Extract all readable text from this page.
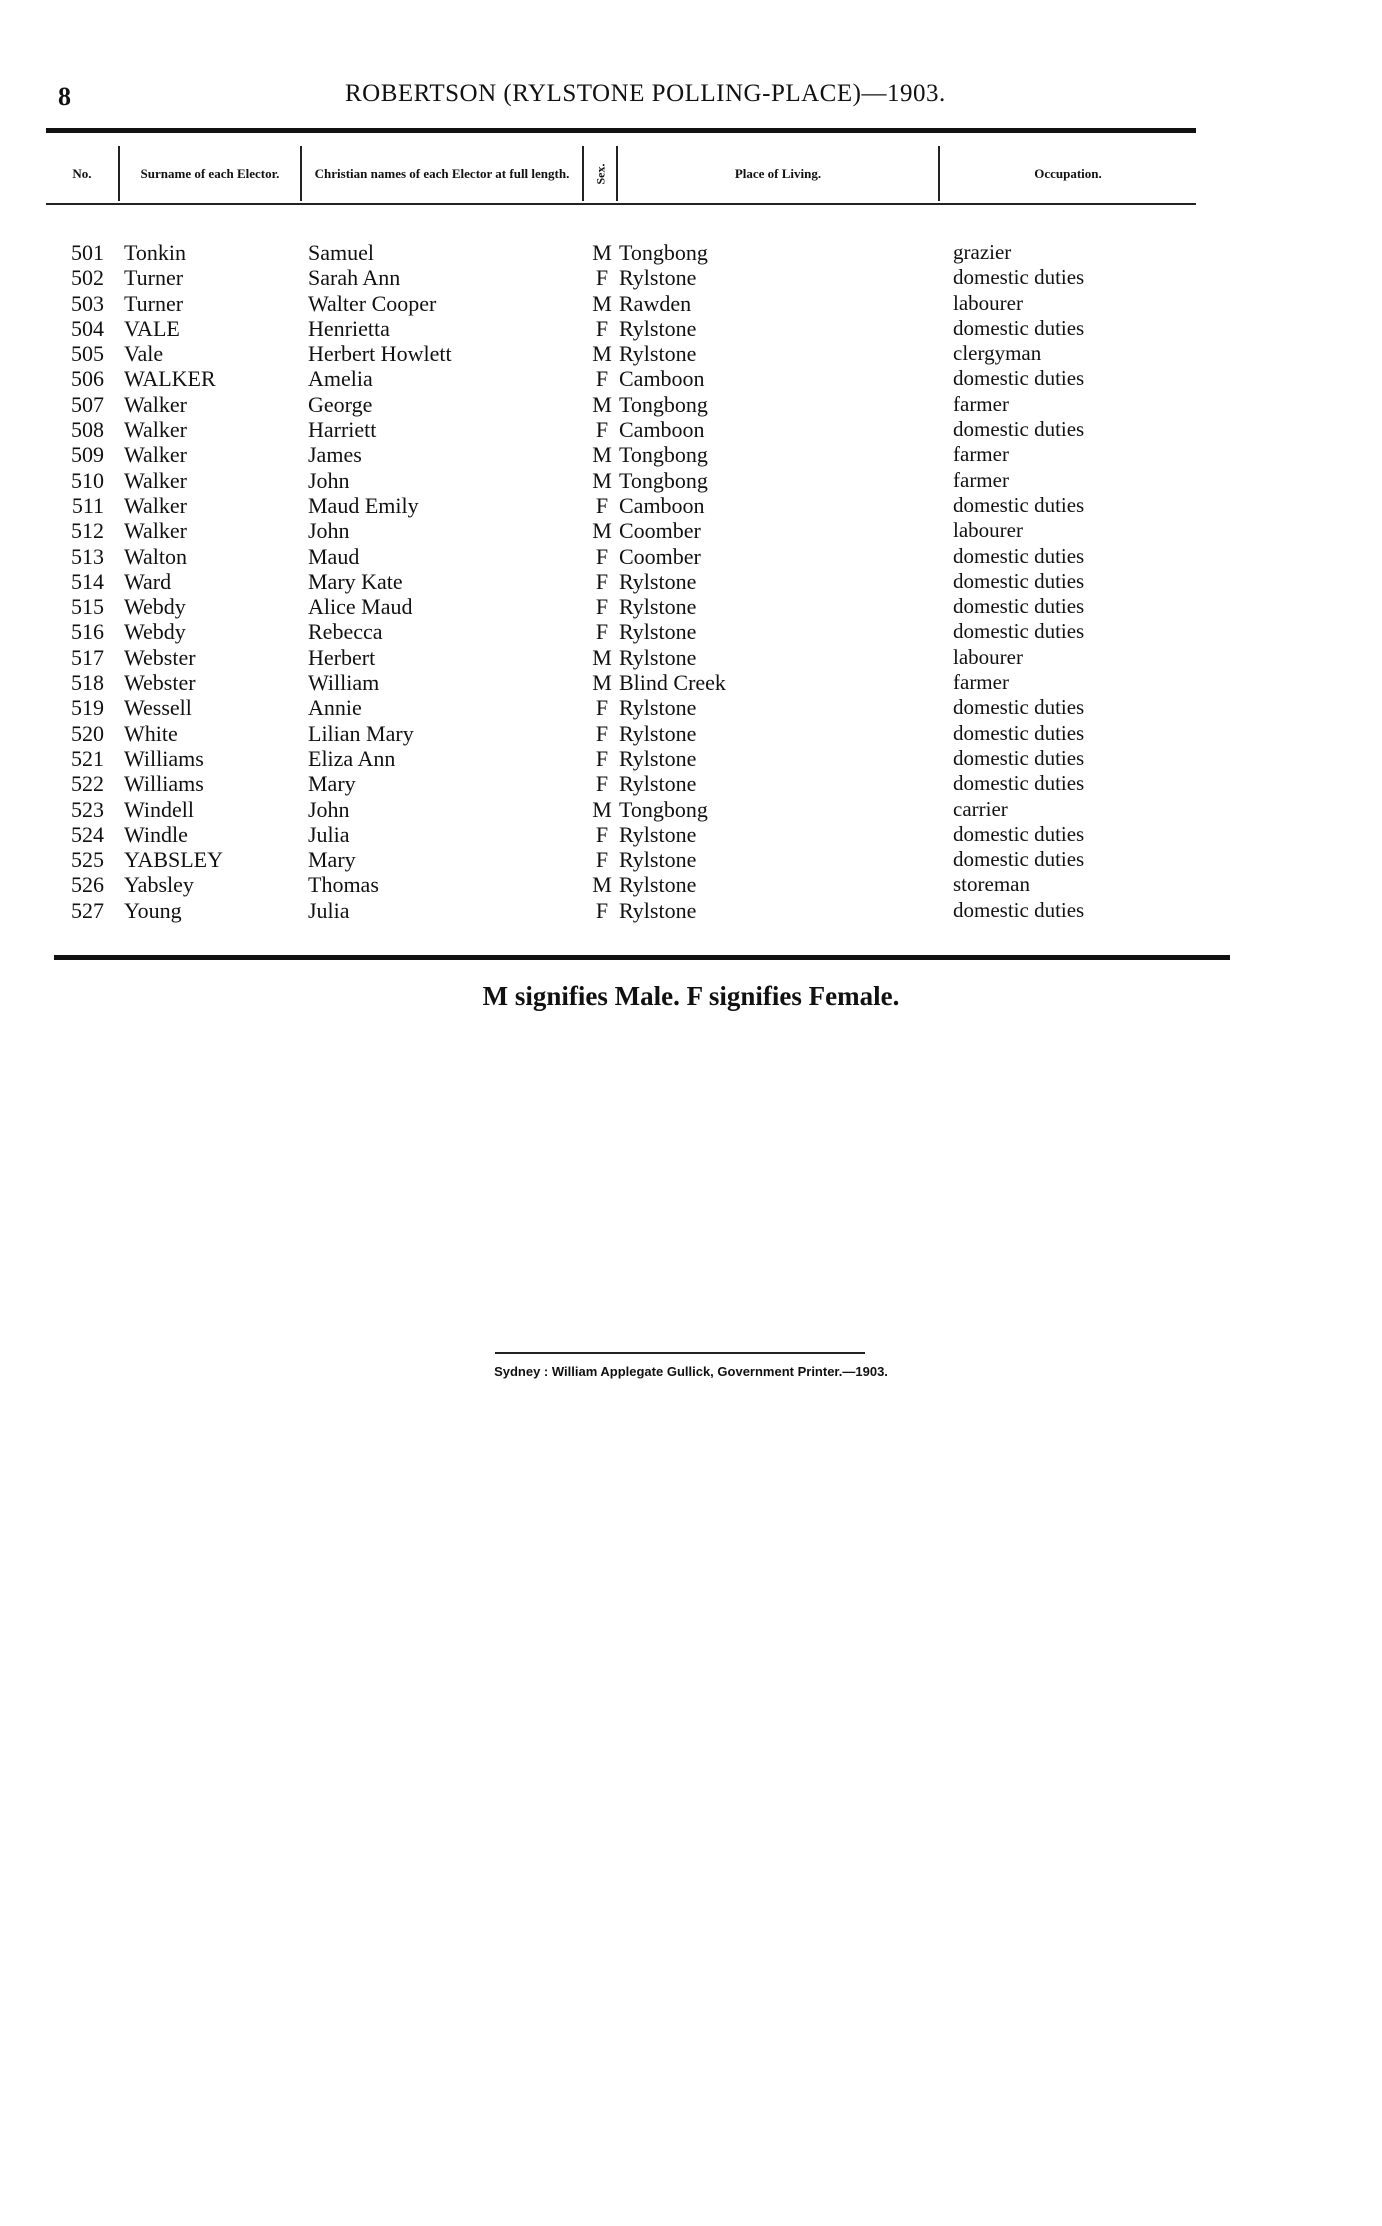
8	ROBERTSON (RYLSTONE POLLING-PLACE)—1903.
No.	Surname of each Elector.	Christian names of each Elector at full length.	Sex.	Place of Living.	Occupation.
501 Tonkin	Samuel	M Tongbong	grazier
502 Turner	Sarah Ann	F Rylstone	domestic duties
503 Turner	Walter Cooper	M Rawden	labourer
504 VALE	Henrietta	F Rylstone	domestic duties
505 Vale	Herbert Howlett	M Rylstone	clergyman
506 WALKER	Amelia	F Camboon	domestic duties
507 Walker	George	M Tongbong	farmer
508 Walker	Harriett	F Camboon	domestic duties
509 Walker	James	M Tongbong	farmer
510 Walker	John	M Tongbong	farmer
511 Walker	Maud Emily	F Camboon	domestic duties
512 Walker	John	M Coomber	labourer
513 Walton	Maud	F Coomber	domestic duties
514 Ward	Mary Kate	F Rylstone	domestic duties
515 Webdy	Alice Maud	F Rylstone	domestic duties
516 Webdy	Rebecca	F Rylstone	domestic duties
517 Webster	Herbert	M Rylstone	labourer
518 Webster	William	M Blind Creek	farmer
519 Wessell	Annie	F Rylstone	domestic duties
520 White	Lilian Mary	F Rylstone	domestic duties
521 Williams	Eliza Ann	F Rylstone	domestic duties
522 Williams	Mary	F Rylstone	domestic duties
523 Windell	John	M Tongbong	carrier
524 Windle	Julia	F Rylstone	domestic duties
525 YABSLEY	Mary	F Rylstone	domestic duties
526 Yabsley	Thomas	M Rylstone	storeman
527 Young	Julia	F Rylstone	domestic duties
M signifies Male. F signifies Female.
Sydney : William Applegate Gullick, Government Printer.—1903.
